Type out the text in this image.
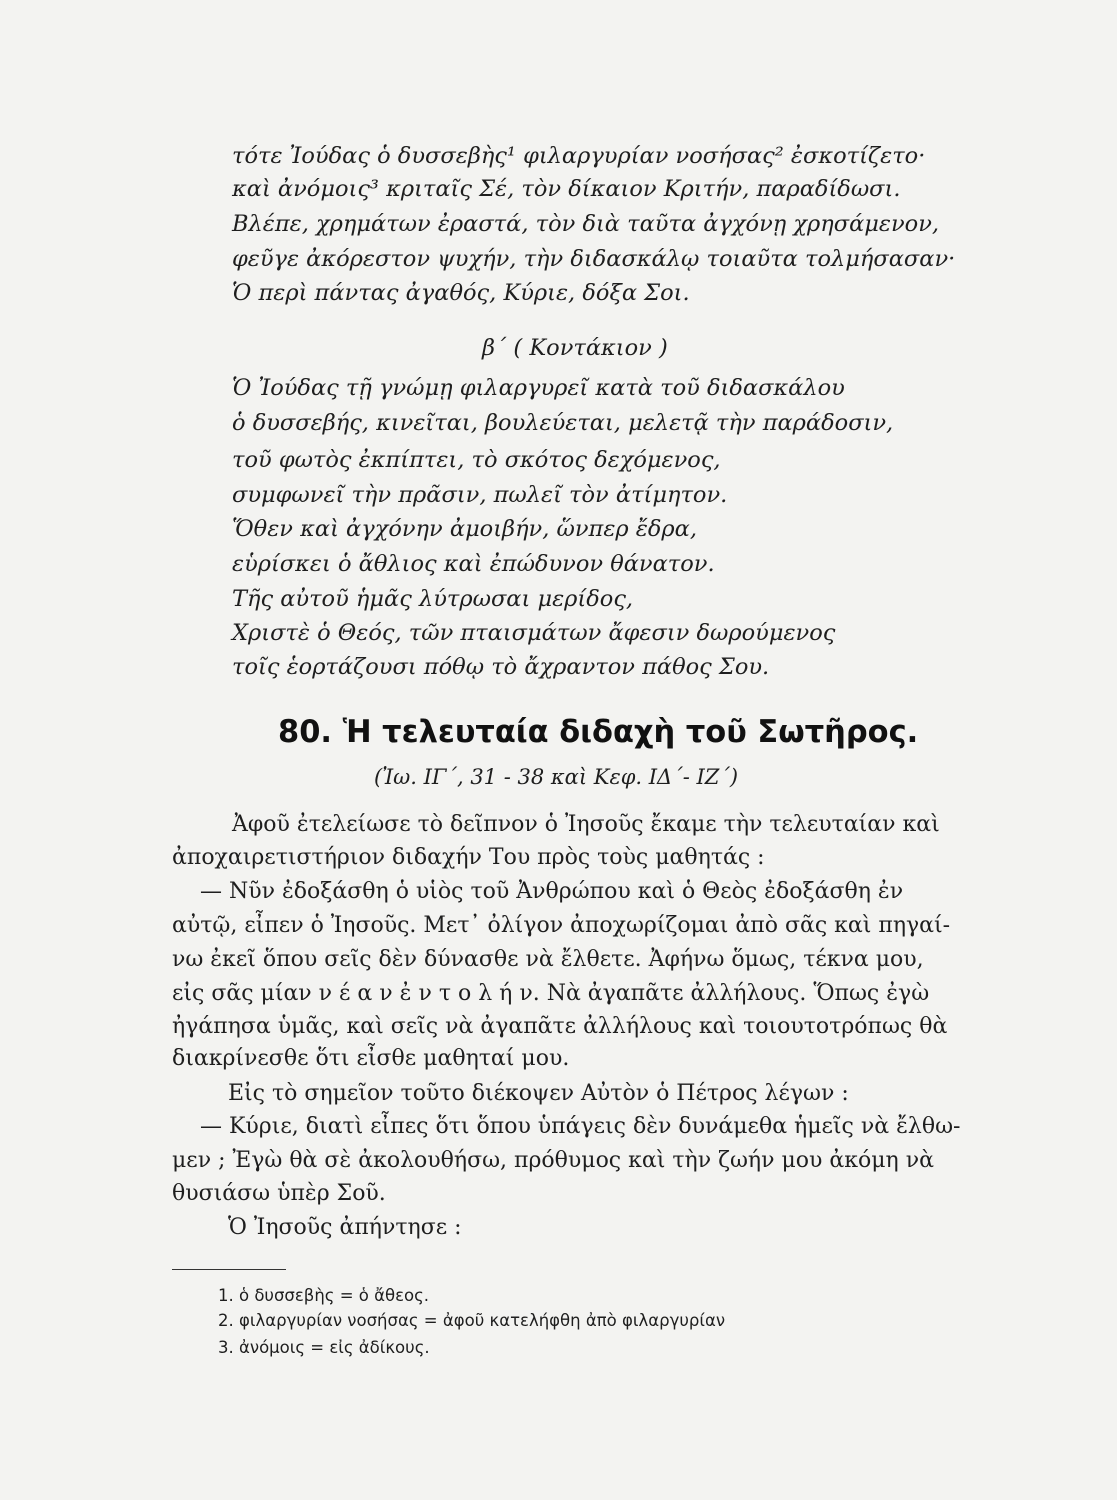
τότε Ἰούδας ὁ δυσσεβὴς¹ φιλαργυρίαν νοσήσας² ἐσκοτίζετο·
καὶ ἀνόμοις³ κριταῖς Σέ, τὸν δίκαιον Κριτήν, παραδίδωσι.
Βλέπε, χρημάτων ἐραστά, τὸν διὰ ταῦτα ἀγχόνῃ χρησάμενον,
φεῦγε ἀκόρεστον ψυχήν, τὴν διδασκάλῳ τοιαῦτα τολμήσασαν·
Ὁ περὶ πάντας ἀγαθός, Κύριε, δόξα Σοι.
β΄ ( Κοντάκιον )
Ὁ Ἰούδας τῇ γνώμῃ φιλαργυρεῖ κατὰ τοῦ διδασκάλου
ὁ δυσσεβής, κινεῖται, βουλεύεται, μελετᾷ τὴν παράδοσιν,
τοῦ φωτὸς ἐκπίπτει, τὸ σκότος δεχόμενος,
συμφωνεῖ τὴν πρᾶσιν, πωλεῖ τὸν ἀτίμητον.
Ὅθεν καὶ ἀγχόνην ἀμοιβήν, ὥνπερ ἔδρα,
εὑρίσκει ὁ ἄθλιος καὶ ἐπώδυνον θάνατον.
Τῆς αὐτοῦ ἡμᾶς λύτρωσαι μερίδος,
Χριστὲ ὁ Θεός, τῶν πταισμάτων ἄφεσιν δωρούμενος
τοῖς ἑορτάζουσι πόθῳ τὸ ἄχραντον πάθος Σου.
80. Ἡ τελευταία διδαχὴ τοῦ Σωτῆρος.
(Ἰω. ΙΓ΄, 31 - 38 καὶ Κεφ. ΙΔ΄- ΙΖ΄)
Ἀφοῦ ἐτελείωσε τὸ δεῖπνον ὁ Ἰησοῦς ἔκαμε τὴν τελευταίαν καὶ
ἀποχαιρετιστήριον διδαχήν Του πρὸς τοὺς μαθητάς :
— Νῦν ἐδοξάσθη ὁ υἱὸς τοῦ Ἀνθρώπου καὶ ὁ Θεὸς ἐδοξάσθη ἐν
αὐτῷ, εἶπεν ὁ Ἰησοῦς. Μετ᾽ ὀλίγον ἀποχωρίζομαι ἀπὸ σᾶς καὶ πηγαί-
νω ἐκεῖ ὅπου σεῖς δὲν δύνασθε νὰ ἔλθετε. Ἀφήνω ὅμως, τέκνα μου,
εἰς σᾶς μίαν ν έ α ν ἐ ν τ ο λ ή ν. Νὰ ἀγαπᾶτε ἀλλήλους. Ὅπως ἐγὼ
ἠγάπησα ὑμᾶς, καὶ σεῖς νὰ ἀγαπᾶτε ἀλλήλους καὶ τοιουτοτρόπως θὰ
διακρίνεσθε ὅτι εἶσθε μαθηταί μου.
Εἰς τὸ σημεῖον τοῦτο διέκοψεν Αὐτὸν ὁ Πέτρος λέγων :
— Κύριε, διατὶ εἶπες ὅτι ὅπου ὑπάγεις δὲν δυνάμεθα ἡμεῖς νὰ ἔλθω-
μεν ; Ἐγὼ θὰ σὲ ἀκολουθήσω, πρόθυμος καὶ τὴν ζωήν μου ἀκόμη νὰ
θυσιάσω ὑπὲρ Σοῦ.
Ὁ Ἰησοῦς ἀπήντησε :
1. ὁ δυσσεβὴς = ὁ ἄθεος.
2. φιλαργυρίαν νοσήσας = ἀφοῦ κατελήφθη ἀπὸ φιλαργυρίαν
3. ἀνόμοις = εἰς ἀδίκους.
